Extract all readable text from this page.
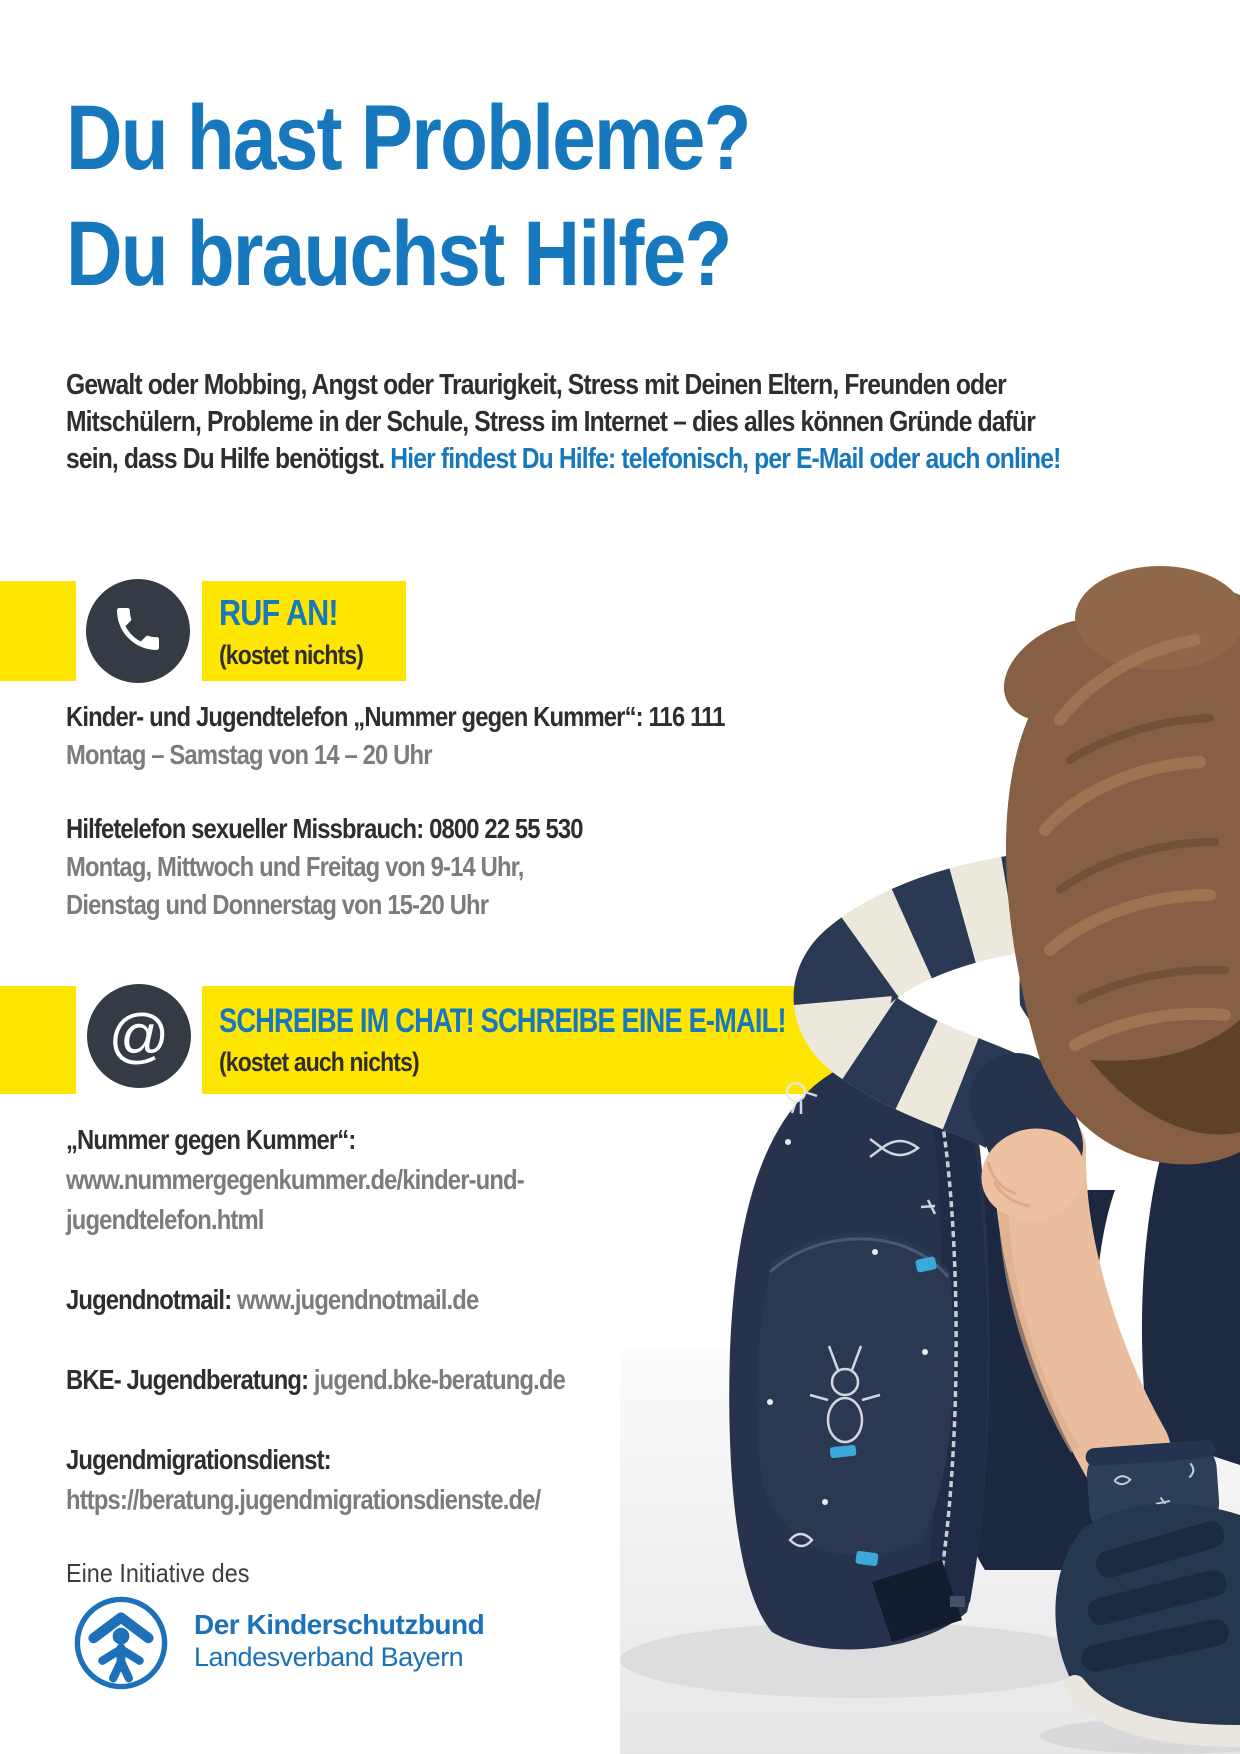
Du hast Probleme?
Du brauchst Hilfe?

Gewalt oder Mobbing, Angst oder Traurigkeit, Stress mit Deinen Eltern, Freunden oder Mitschülern, Probleme in der Schule, Stress im Internet – dies alles können Gründe dafür sein, dass Du Hilfe benötigst. Hier findest Du Hilfe: telefonisch, per E-Mail oder auch online!

RUF AN!
(kostet nichts)
Kinder- und Jugendtelefon „Nummer gegen Kummer“: 116 111
Montag – Samstag von 14 – 20 Uhr
Hilfetelefon sexueller Missbrauch: 0800 22 55 530
Montag, Mittwoch und Freitag von 9-14 Uhr,
Dienstag und Donnerstag von 15-20 Uhr
@ SCHREIBE IM CHAT! SCHREIBE EINE E-MAIL!
(kostet auch nichts)
„Nummer gegen Kummer“: www.nummergegenkummer.de/kinder-und-jugendtelefon.html
Jugendnotmail: www.jugendnotmail.de
BKE- Jugendberatung: jugend.bke-beratung.de
Jugendmigrationsdienst:
https://beratung.jugendmigrationsdienste.de/
Eine Initiative des
Der Kinderschutzbund
Landesverband Bayern
